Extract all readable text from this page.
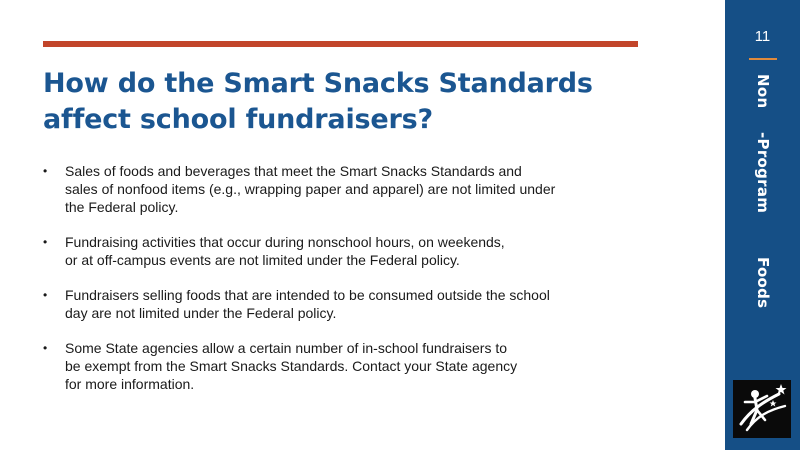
How do the Smart Snacks Standards
affect school fundraisers?
• Sales of foods and beverages that meet the Smart Snacks Standards and
sales of nonfood items (e.g., wrapping paper and apparel) are not limited under
the Federal policy.
• Fundraising activities that occur during nonschool hours, on weekends,
or at off-campus events are not limited under the Federal policy.
• Fundraisers selling foods that are intended to be consumed outside the school
day are not limited under the Federal policy.
• Some State agencies allow a certain number of in-school fundraisers to
be exempt from the Smart Snacks Standards. Contact your State agency
for more information.
11
Non -Program Foods
